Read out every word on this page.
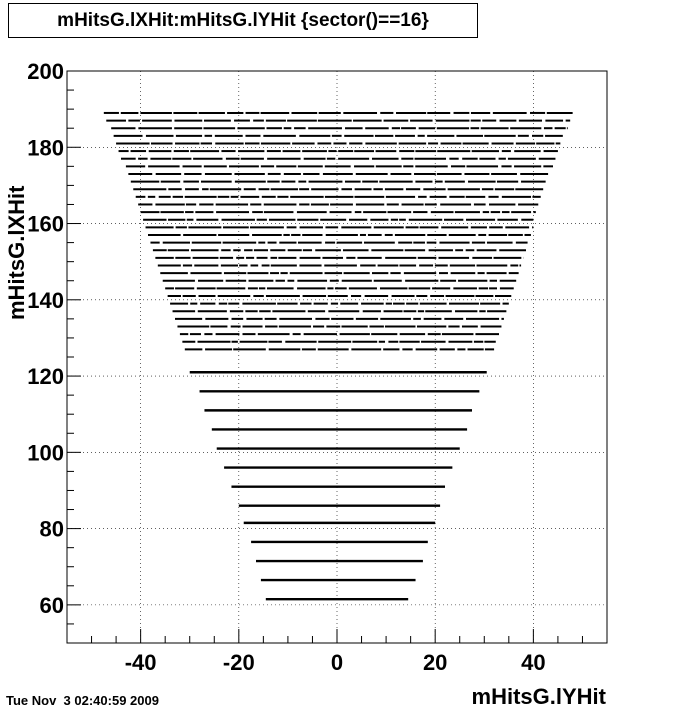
-40	-20	0	20	40
60
80
100
120
140
160
180
200
mHitsG.lXHit:mHitsG.lYHit {sector()==16}
mHitsG.lXHit
mHitsG.lYHit
Tue Nov  3 02:40:59 2009
